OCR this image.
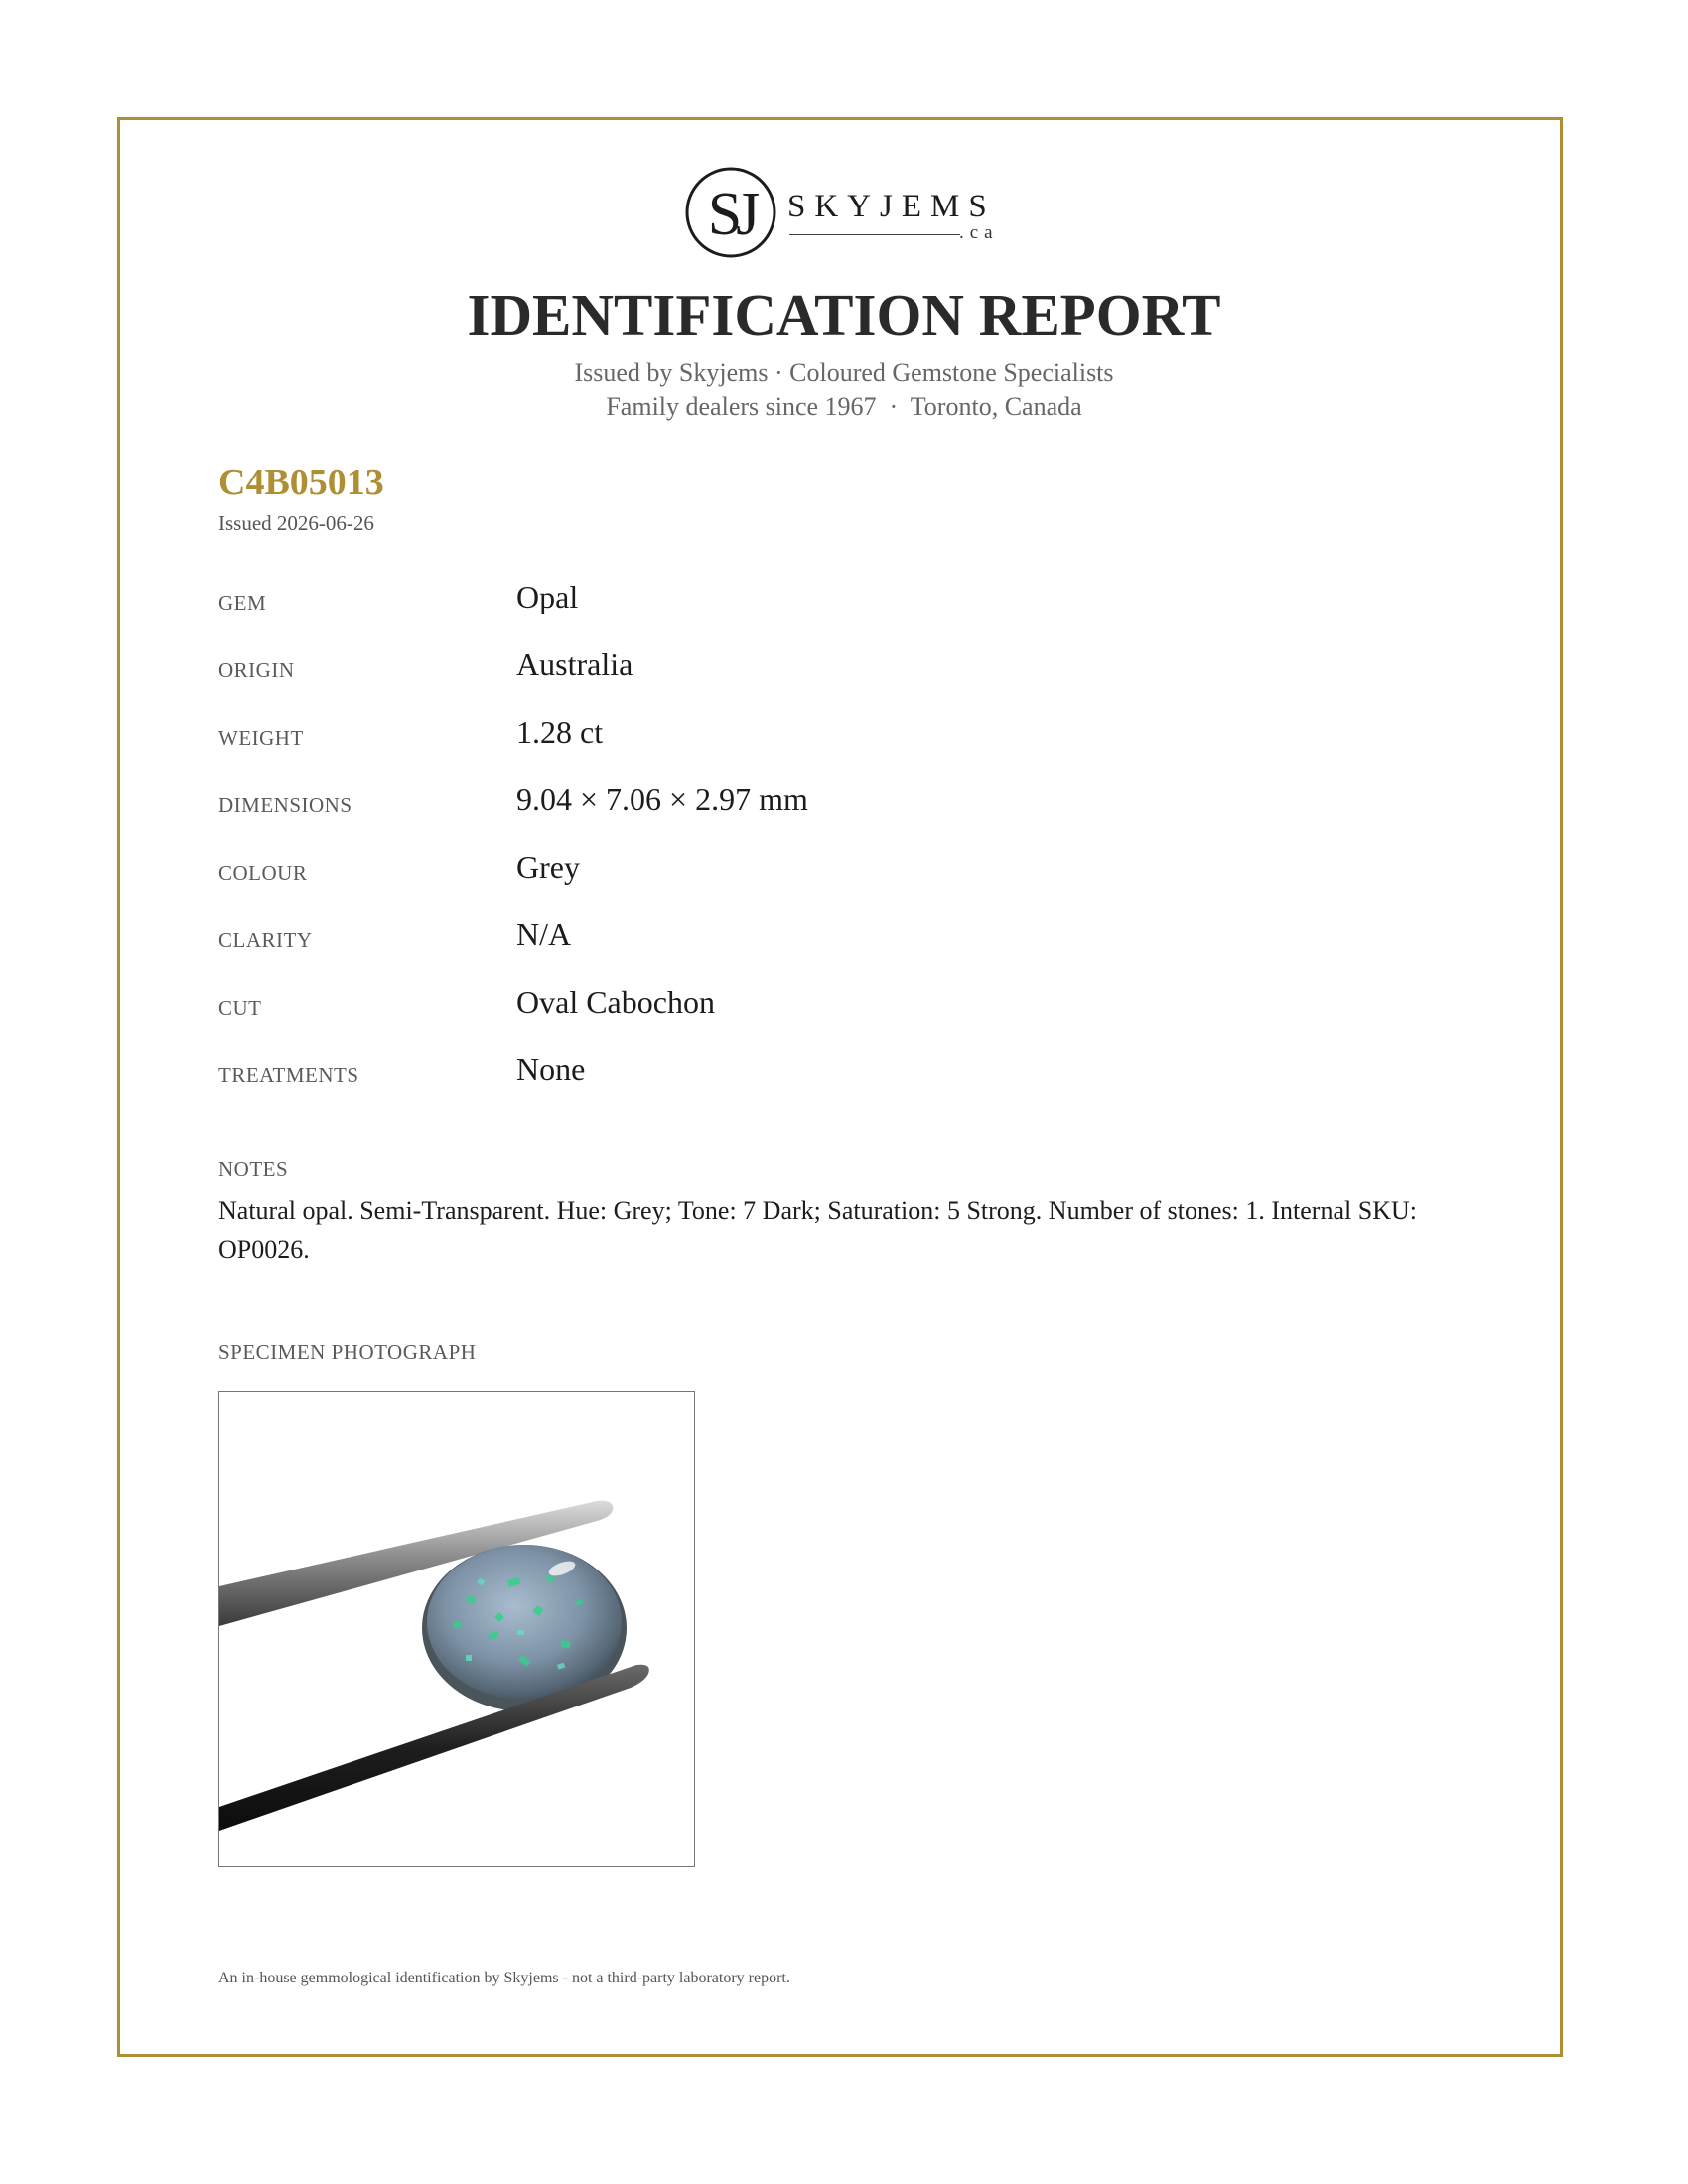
SJ SKYJEMS
.ca
IDENTIFICATION REPORT
Issued by Skyjems · Coloured Gemstone Specialists
Family dealers since 1967  ·  Toronto, Canada
C4B05013
Issued 2026-06-26
GEM	Opal
ORIGIN	Australia
WEIGHT	1.28 ct
DIMENSIONS	9.04 × 7.06 × 2.97 mm
COLOUR	Grey
CLARITY	N/A
CUT	Oval Cabochon
TREATMENTS	None
NOTES
Natural opal. Semi-Transparent. Hue: Grey; Tone: 7 Dark; Saturation: 5 Strong. Number of stones: 1. Internal SKU: OP0026.
SPECIMEN PHOTOGRAPH
An in-house gemmological identification by Skyjems - not a third-party laboratory report.
